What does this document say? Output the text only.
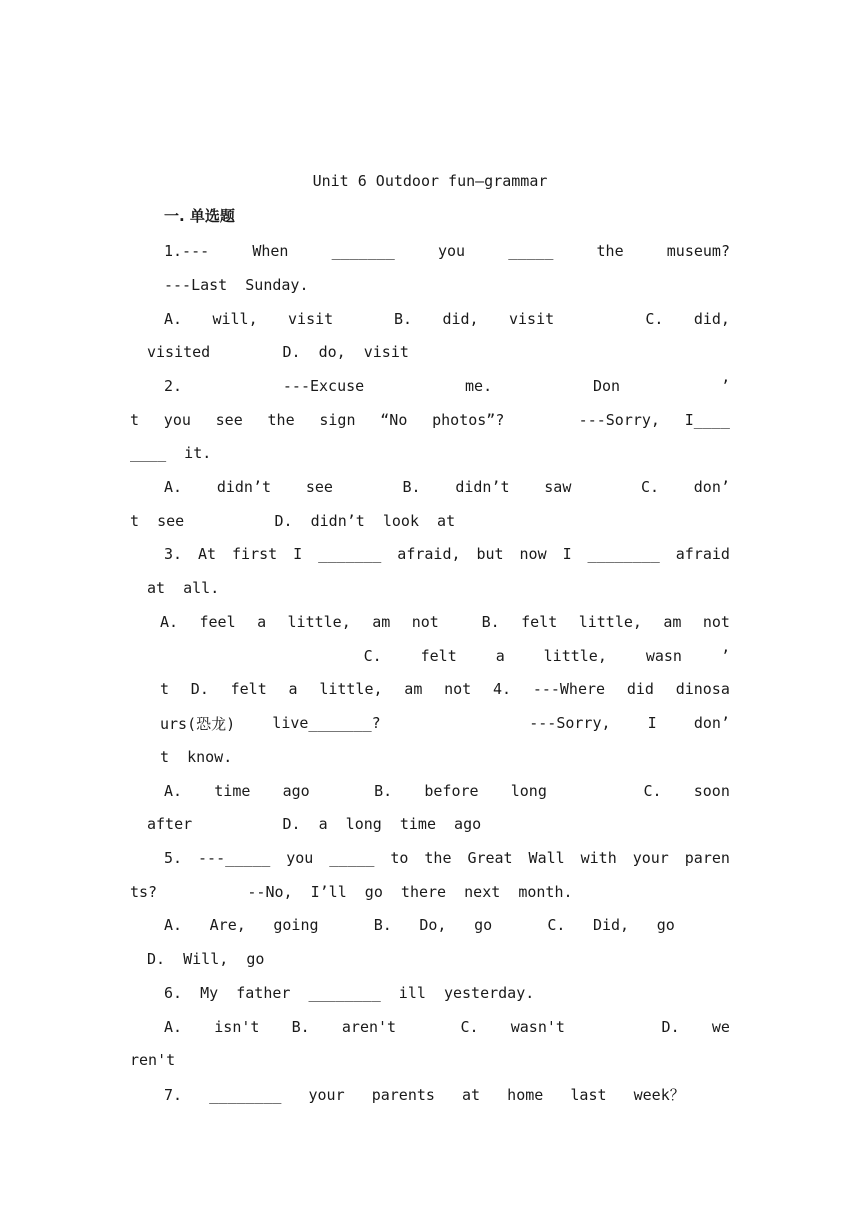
Unit 6 Outdoor fun—grammar
一. 单选题
1.---	When	_______	you	_____	the	museum?
---Last  Sunday.
A. will, visit	B. did, visit	C. did,
visited        D.  do,  visit
2.	---Excuse	me.	Don	’
t you see the sign “No photos”?	---Sorry, I____
____  it.
A. didn’t see	B. didn’t saw	C. don’
t  see          D.  didn’t  look  at
3. At first I _______ afraid, but now I ________ afraid
at  all.
A. feel a little, am not	B. felt little, am not
C.	felt	a	little,	wasn	’
t D. felt a little, am not 4. ---Where did dinosa
urs(恐龙) live_______?	---Sorry, I don’
t  know.
A. time ago	B. before long	C. soon
after          D.  a  long  time  ago
5. ---_____ you _____ to the Great Wall with your paren
ts?          --No,  I’ll  go  there  next  month.
A. Are, going	B. Do, go	C. Did, go
D.  Will,  go
6.  My  father  ________  ill  yesterday.
A. isn't B. aren't	C. wasn't	D. we
ren't
7.   ________   your   parents   at   home   last   week？
